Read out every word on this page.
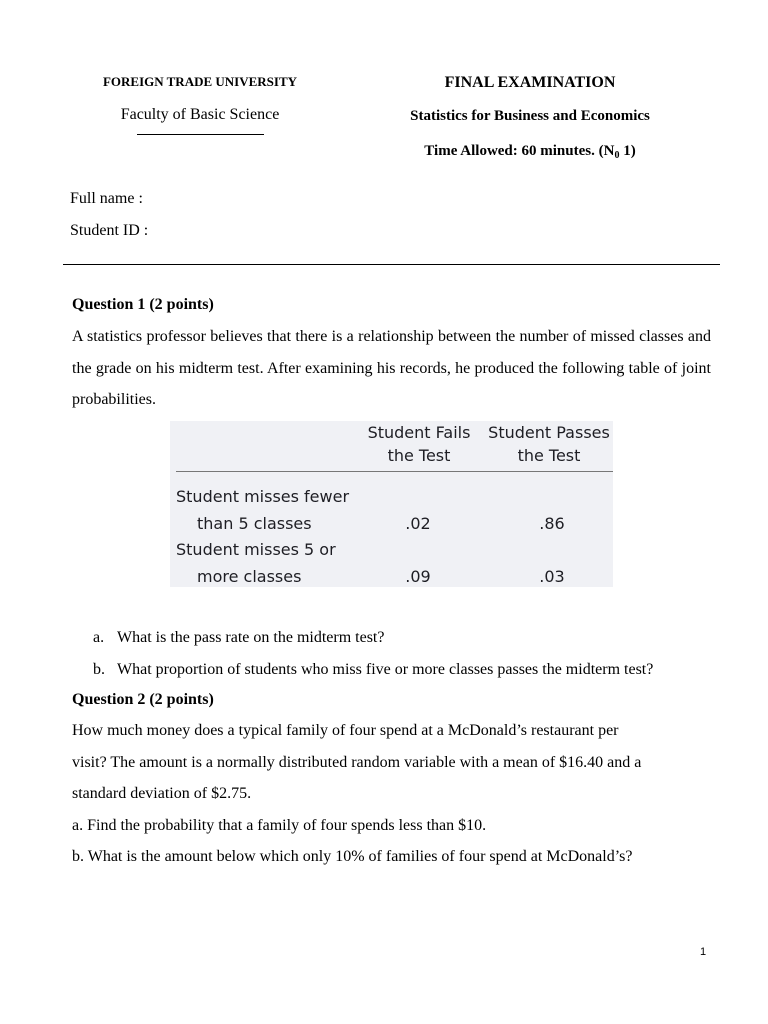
FOREIGN TRADE UNIVERSITY
Faculty of Basic Science
FINAL EXAMINATION
Statistics for Business and Economics
Time Allowed: 60 minutes. ($N_0$ 1)
Full name :
Student ID :
Question 1 (2 points)
A statistics professor believes that there is a relationship between the number of missed classes and the grade on his midterm test. After examining his records, he produced the following table of joint probabilities.
Student Fails
the Test
Student Passes
the Test
Student misses fewer
than 5 classes
Student misses 5 or
more classes
.02	.86
.09	.03
a. What is the pass rate on the midterm test?
b. What proportion of students who miss five or more classes passes the midterm test?
Question 2 (2 points)
How much money does a typical family of four spend at a McDonald’s restaurant per
visit? The amount is a normally distributed random variable with a mean of $16.40 and a
standard deviation of $2.75.
a. Find the probability that a family of four spends less than $10.
b. What is the amount below which only 10% of families of four spend at McDonald’s?
1
